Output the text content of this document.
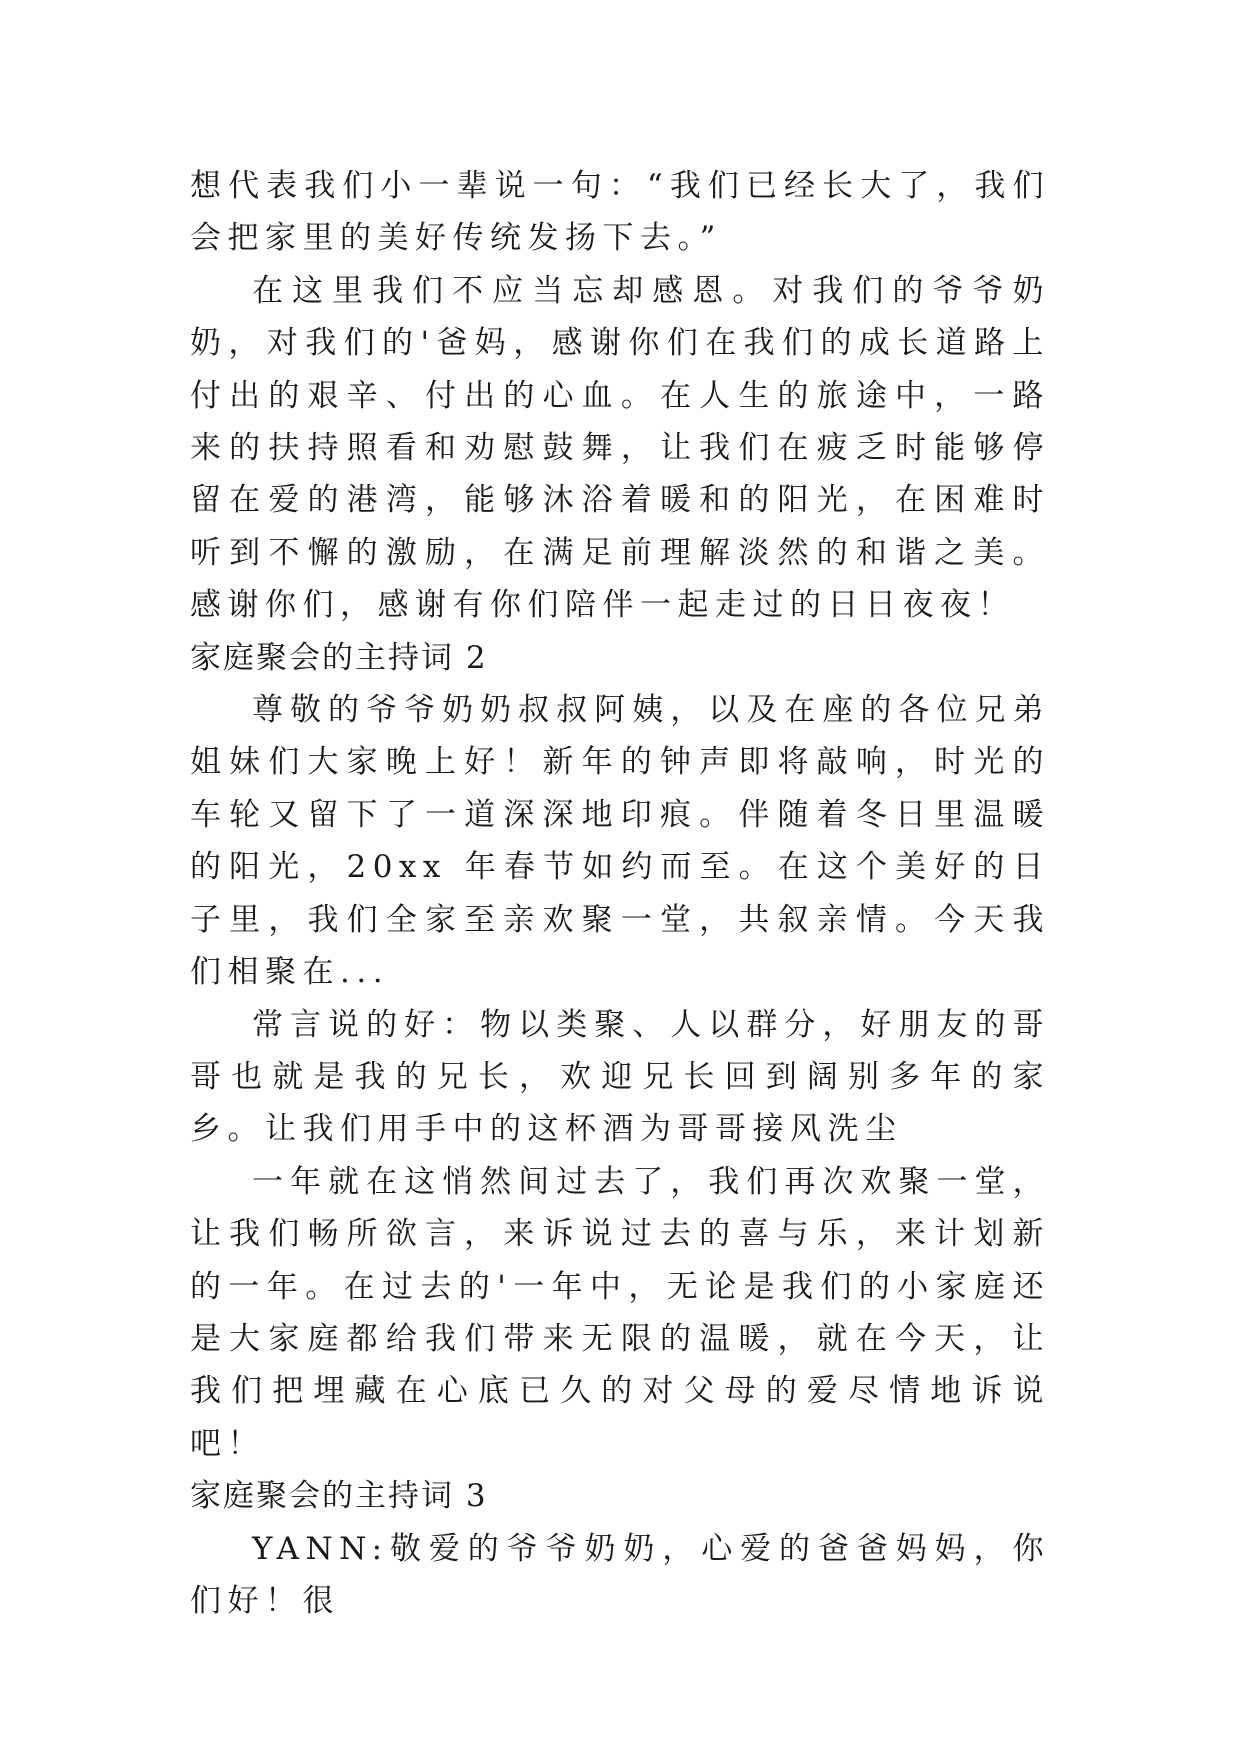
想代表我们小一辈说一句：“我们已经长大了，我们会把家里的美好传统发扬下去。”

在这里我们不应当忘却感恩。对我们的爷爷奶奶，对我们的'爸妈，感谢你们在我们的成长道路上付出的艰辛、付出的心血。在人生的旅途中，一路来的扶持照看和劝慰鼓舞，让我们在疲乏时能够停留在爱的港湾，能够沐浴着暖和的阳光，在困难时听到不懈的激励，在满足前理解淡然的和谐之美。感谢你们，感谢有你们陪伴一起走过的日日夜夜！

家庭聚会的主持词 2

尊敬的爷爷奶奶叔叔阿姨，以及在座的各位兄弟姐妹们大家晚上好！新年的钟声即将敲响，时光的车轮又留下了一道深深地印痕。伴随着冬日里温暖的阳光，20xx 年春节如约而至。在这个美好的日子里，我们全家至亲欢聚一堂，共叙亲情。今天我们相聚在...

常言说的好：物以类聚、人以群分，好朋友的哥哥也就是我的兄长，欢迎兄长回到阔别多年的家乡。让我们用手中的这杯酒为哥哥接风洗尘

一年就在这悄然间过去了，我们再次欢聚一堂，让我们畅所欲言，来诉说过去的喜与乐，来计划新的一年。在过去的'一年中，无论是我们的小家庭还是大家庭都给我们带来无限的温暖，就在今天，让我们把埋藏在心底已久的对父母的爱尽情地诉说吧！

家庭聚会的主持词 3

YANN:敬爱的爷爷奶奶，心爱的爸爸妈妈，你们好！很
